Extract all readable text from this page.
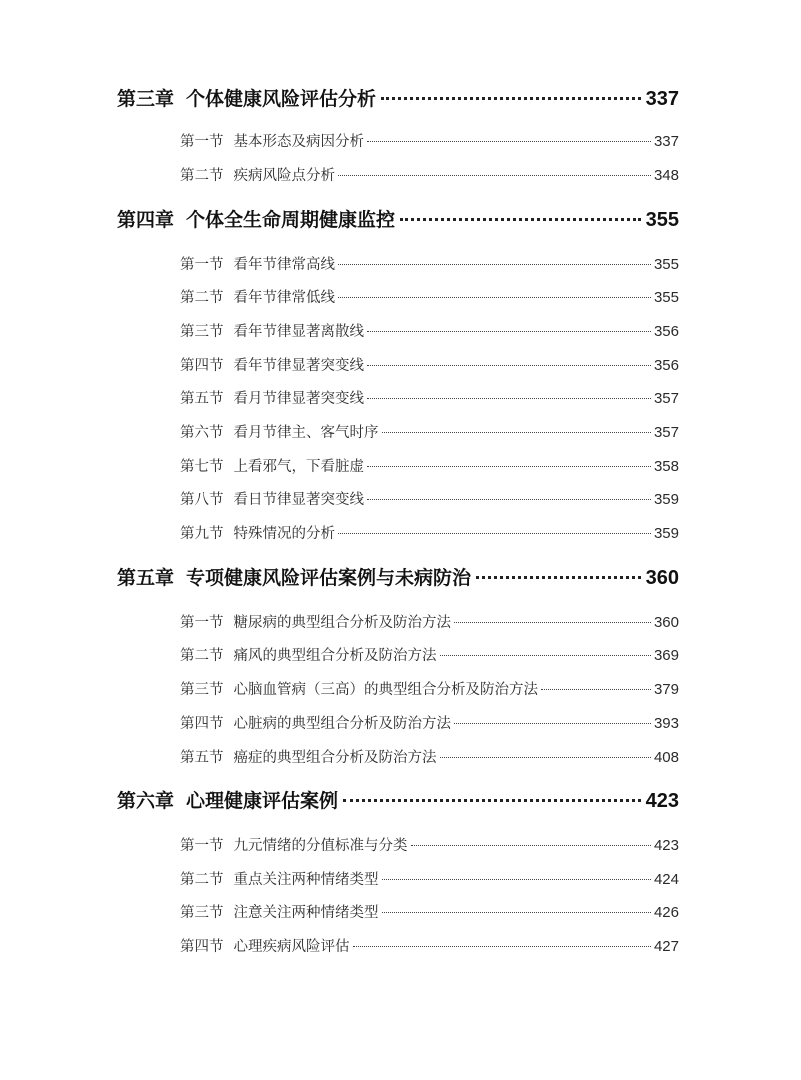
第三章 个体健康风险评估分析	337
第一节 基本形态及病因分析	337
第二节 疾病风险点分析	348
第四章 个体全生命周期健康监控	355
第一节 看年节律常高线	355
第二节 看年节律常低线	355
第三节 看年节律显著离散线	356
第四节 看年节律显著突变线	356
第五节 看月节律显著突变线	357
第六节 看月节律主、客气时序	357
第七节 上看邪气，下看脏虚	358
第八节 看日节律显著突变线	359
第九节 特殊情况的分析	359
第五章 专项健康风险评估案例与未病防治	360
第一节 糖尿病的典型组合分析及防治方法	360
第二节 痛风的典型组合分析及防治方法	369
第三节 心脑血管病（三高）的典型组合分析及防治方法	379
第四节 心脏病的典型组合分析及防治方法	393
第五节 癌症的典型组合分析及防治方法	408
第六章 心理健康评估案例	423
第一节 九元情绪的分值标准与分类	423
第二节 重点关注两种情绪类型	424
第三节 注意关注两种情绪类型	426
第四节 心理疾病风险评估	427
